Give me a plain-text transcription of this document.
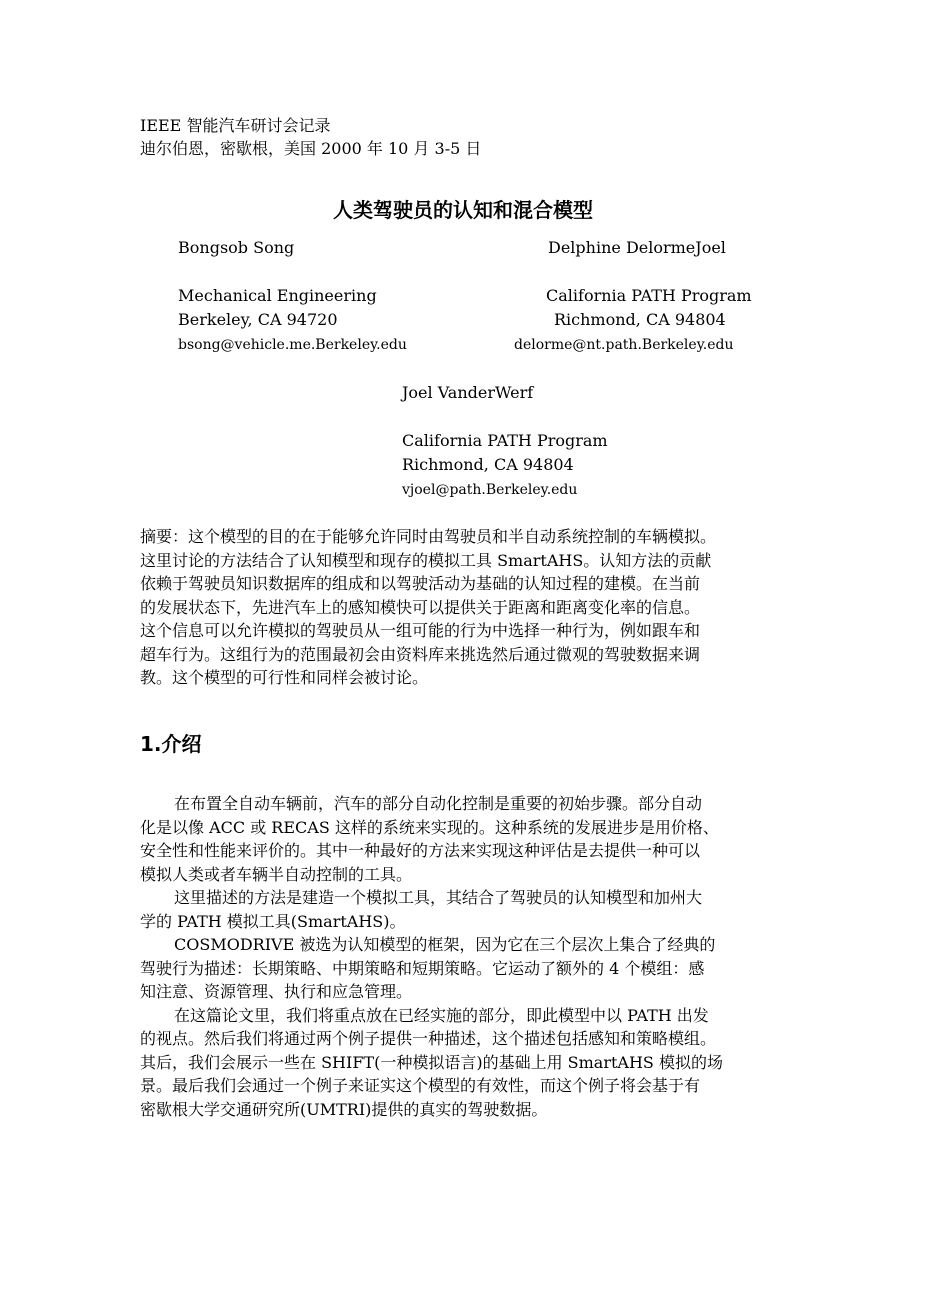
IEEE 智能汽车研讨会记录
迪尔伯恩，密歇根，美国 2000 年 10 月 3-5 日
人类驾驶员的认知和混合模型
Bongsob Song
Mechanical Engineering
Berkeley, CA 94720
bsong@vehicle.me.Berkeley.edu
Delphine DelormeJoel
California PATH Program
Richmond, CA 94804
delorme@nt.path.Berkeley.edu
Joel VanderWerf
California PATH Program
Richmond, CA 94804
vjoel@path.Berkeley.edu

摘要：这个模型的目的在于能够允许同时由驾驶员和半自动系统控制的车辆模拟。

这里讨论的方法结合了认知模型和现存的模拟工具 SmartAHS。认知方法的贡献

依赖于驾驶员知识数据库的组成和以驾驶活动为基础的认知过程的建模。在当前

的发展状态下，先进汽车上的感知模快可以提供关于距离和距离变化率的信息。

这个信息可以允许模拟的驾驶员从一组可能的行为中选择一种行为，例如跟车和

超车行为。这组行为的范围最初会由资料库来挑选然后通过微观的驾驶数据来调

教。这个模型的可行性和同样会被讨论。

1.介绍

在布置全自动车辆前，汽车的部分自动化控制是重要的初始步骤。部分自动

化是以像 ACC 或 RECAS 这样的系统来实现的。这种系统的发展进步是用价格、

安全性和性能来评价的。其中一种最好的方法来实现这种评估是去提供一种可以

模拟人类或者车辆半自动控制的工具。

这里描述的方法是建造一个模拟工具，其结合了驾驶员的认知模型和加州大

学的 PATH 模拟工具(SmartAHS)。

COSMODRIVE 被选为认知模型的框架，因为它在三个层次上集合了经典的

驾驶行为描述：长期策略、中期策略和短期策略。它运动了额外的 4 个模组：感

知注意、资源管理、执行和应急管理。

在这篇论文里，我们将重点放在已经实施的部分，即此模型中以 PATH 出发

的视点。然后我们将通过两个例子提供一种描述，这个描述包括感知和策略模组。

其后，我们会展示一些在 SHIFT(一种模拟语言)的基础上用 SmartAHS 模拟的场

景。最后我们会通过一个例子来证实这个模型的有效性，而这个例子将会基于有

密歇根大学交通研究所(UMTRI)提供的真实的驾驶数据。
